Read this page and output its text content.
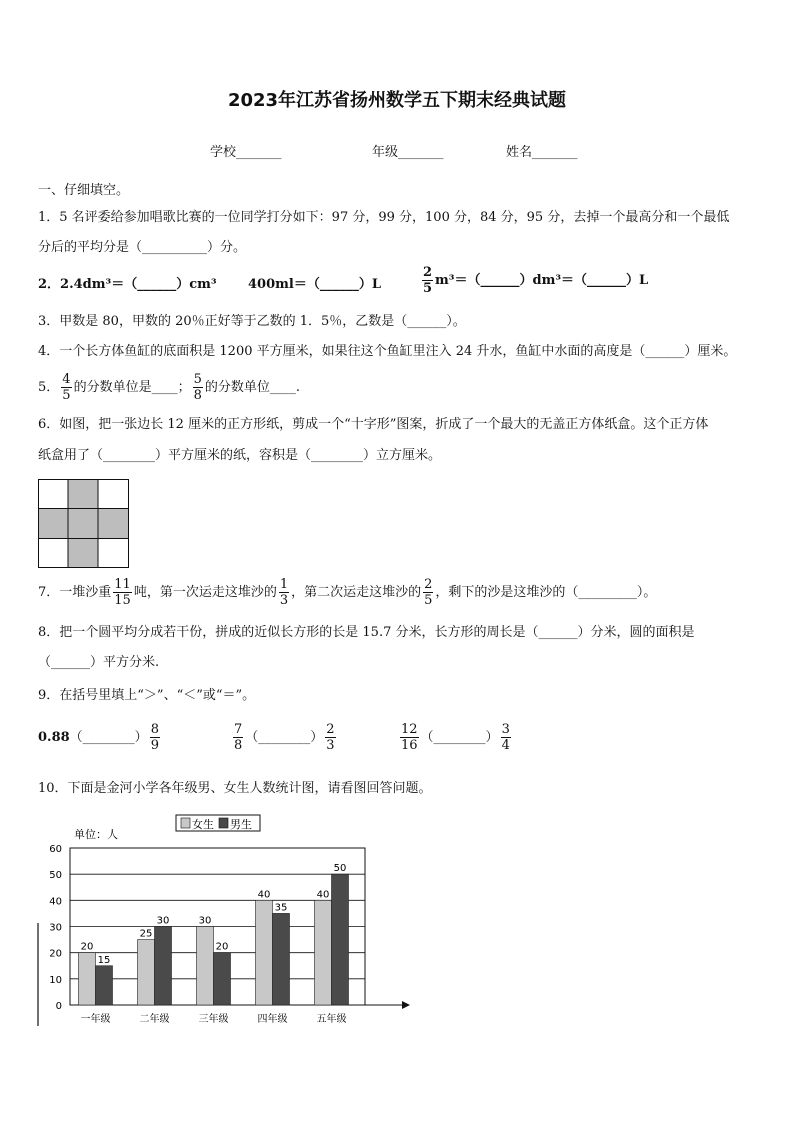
2023年江苏省扬州数学五下期末经典试题
学校_______	年级_______	姓名_______
一、仔细填空。
1．5 名评委给参加唱歌比赛的一位同学打分如下：97 分，99 分，100 分，84 分，95 分，去掉一个最高分和一个最低
分后的平均分是（__________）分。
2．2.4dm³＝（______）cm³ 400ml＝（______）L	$\frac{2}{5}$ m³＝（______）dm³＝（______）L
3．甲数是 80，甲数的 20％正好等于乙数的 1．5％，乙数是（______）。
4．一个长方体鱼缸的底面积是 1200 平方厘米，如果往这个鱼缸里注入 24 升水，鱼缸中水面的高度是（______）厘米。
5． $\frac{4}{5}$ 的分数单位是____； $\frac{5}{8}$ 的分数单位____.
6．如图，把一张边长 12 厘米的正方形纸，剪成一个“十字形”图案，折成了一个最大的无盖正方体纸盒。这个正方体
纸盒用了（________）平方厘米的纸，容积是（________）立方厘米。
7．一堆沙重 $\frac{11}{15}$ 吨，第一次运走这堆沙的 $\frac{1}{3}$ ，第二次运走这堆沙的 $\frac{2}{5}$ ，剩下的沙是这堆沙的（_________）。
8．把一个圆平均分成若干份，拼成的近似长方形的长是 15.7 分米，长方形的周长是（______）分米，圆的面积是
（______）平方分米.
9．在括号里填上“＞”、“＜”或“＝”。
0.88（________） $\frac{8}{9}$	$\frac{7}{8}$ （________） $\frac{2}{3}$	$\frac{12}{16}$ （________） $\frac{3}{4}$
10．下面是金河小学各年级男、女生人数统计图，请看图回答问题。
女生 男生
单位：人
0
10
20
30
40
50
60
20
15
一年级
25
30
二年级
30
20
三年级
40
35
四年级
40
50
五年级
